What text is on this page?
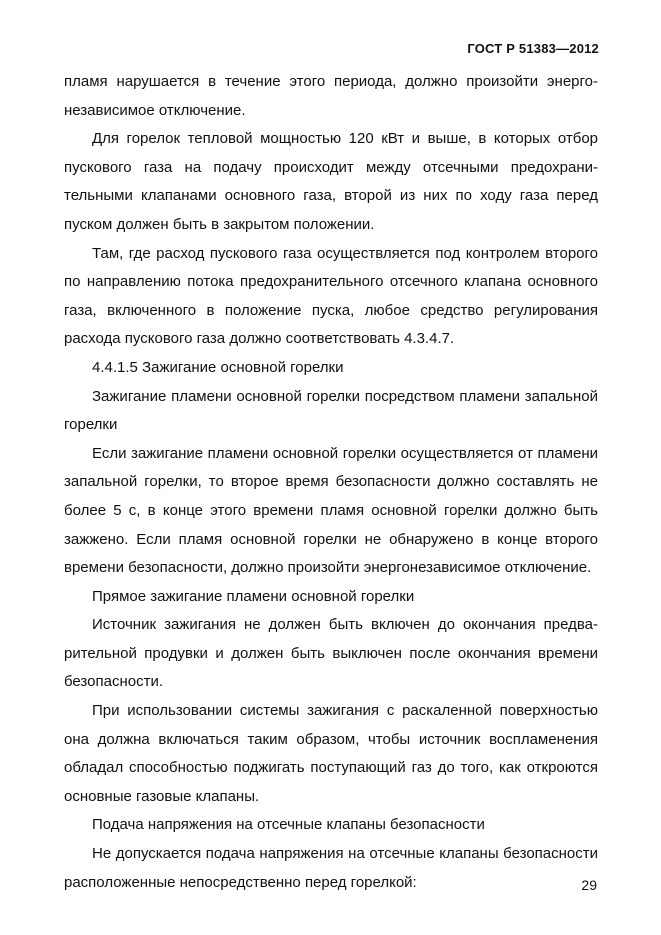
ГОСТ Р 51383—2012

пламя нарушается в течение этого периода, должно произойти энергонезависимое отключение.

Для горелок тепловой мощностью 120 кВт и выше, в которых отбор пускового газа на подачу происходит между отсечными предохранительными клапанами основного газа, второй из них по ходу газа перед пуском должен быть в закрытом положении.

Там, где расход пускового газа осуществляется под контролем второго по направлению потока предохранительного отсечного клапана основного газа, включенного в положение пуска, любое средство регулирования расхода пускового газа должно соответствовать 4.3.4.7.

4.4.1.5 Зажигание основной горелки

Зажигание пламени основной горелки посредством пламени запальной горелки

Если зажигание пламени основной горелки осуществляется от пламени запальной горелки, то второе время безопасности должно составлять не более 5 с, в конце этого времени пламя основной горелки должно быть зажжено. Если пламя основной горелки не обнаружено в конце второго времени безопасности, должно произойти энергонезависимое отключение.

Прямое зажигание пламени основной горелки

Источник зажигания не должен быть включен до окончания предварительной продувки и должен быть выключен после окончания времени безопасности.

При использовании системы зажигания с раскаленной поверхностью она должна включаться таким образом, чтобы источник воспламенения обладал способностью поджигать поступающий газ до того, как откроются основные газовые клапаны.

Подача напряжения на отсечные клапаны безопасности

Не допускается подача напряжения на отсечные клапаны безопасности расположенные непосредственно перед горелкой:	29
